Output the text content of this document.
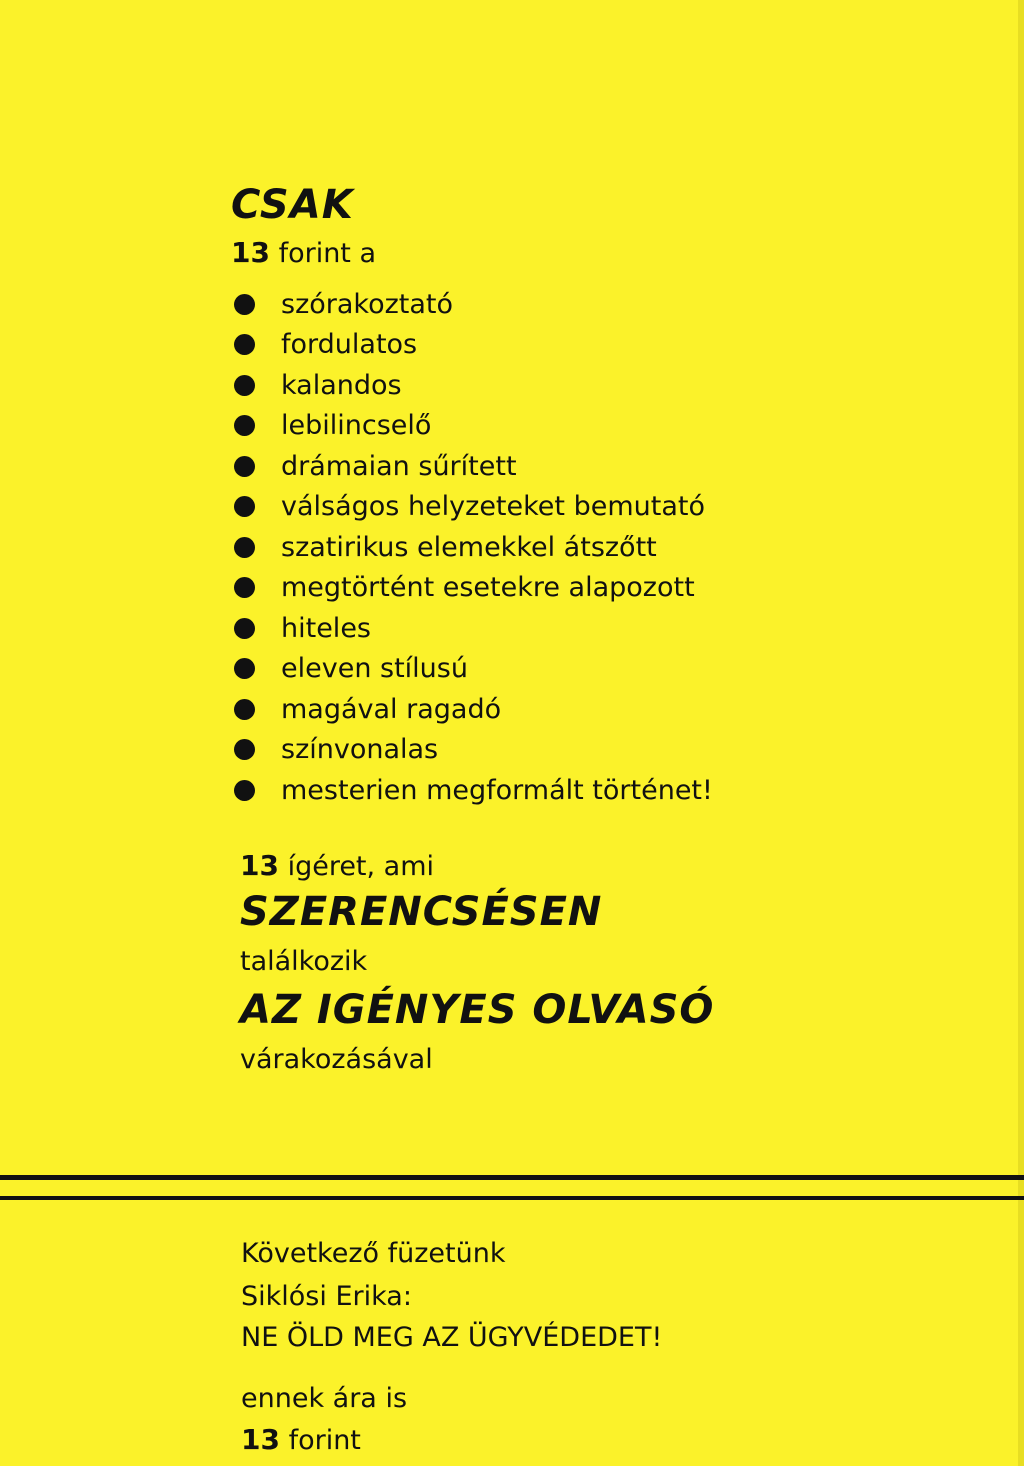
CSAK
13 forint a
szórakoztató
fordulatos
kalandos
lebilincselő
drámaian sűrített
válságos helyzeteket bemutató
szatirikus elemekkel átszőtt
megtörtént esetekre alapozott
hiteles
eleven stílusú
magával ragadó
színvonalas
mesterien megformált történet!
13 ígéret, ami
SZERENCSÉSEN
találkozik
AZ IGÉNYES OLVASÓ
várakozásával
Következő füzetünk
Siklósi Erika:
NE ÖLD MEG AZ ÜGYVÉDEDET!
ennek ára is
13 forint
